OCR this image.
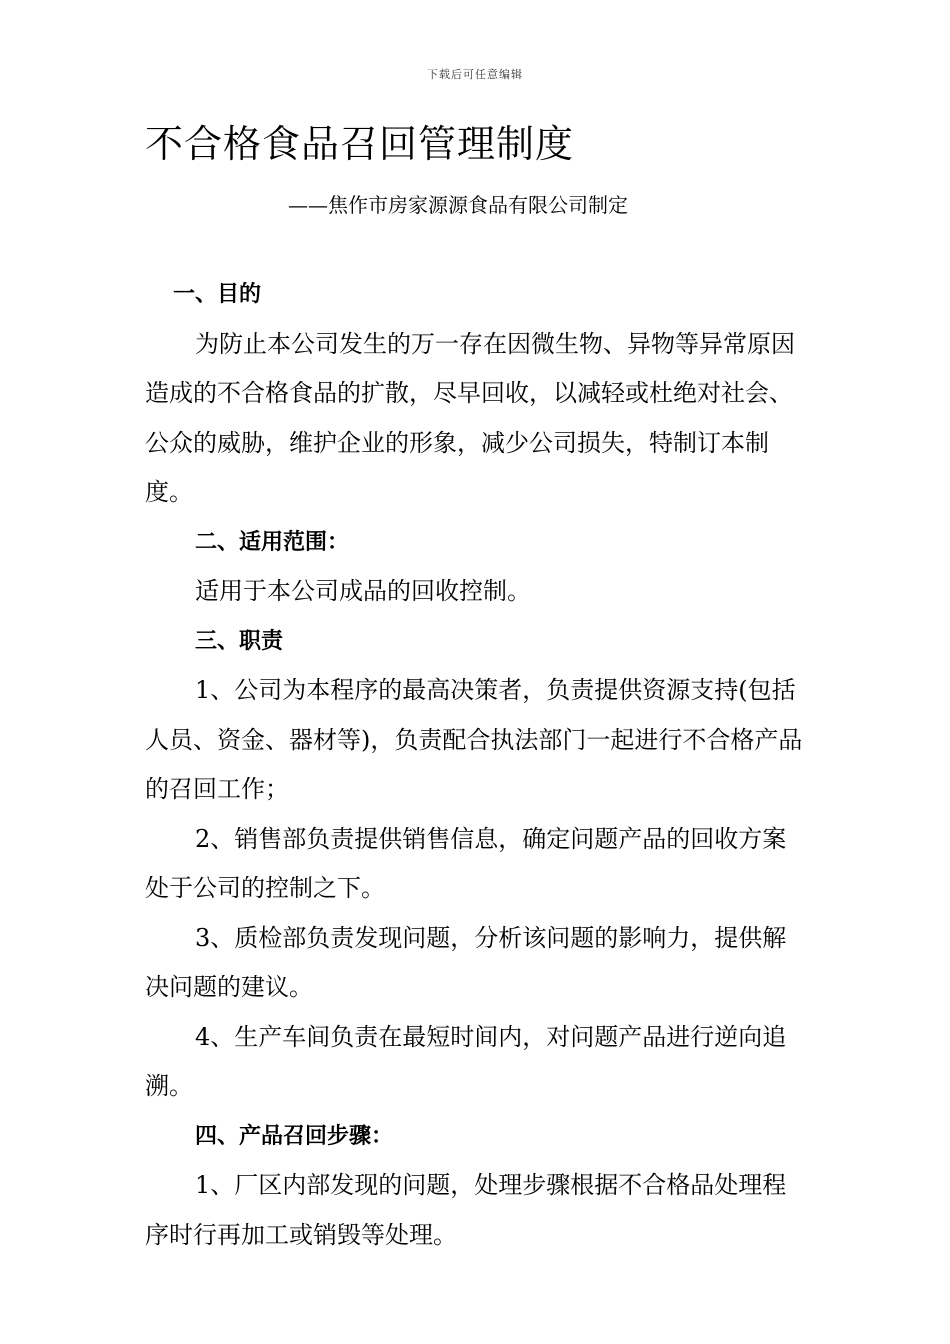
下载后可任意编辑
不合格食品召回管理制度
——焦作市房家源源食品有限公司制定
一、目的

为防止本公司发生的万一存在因微生物、异物等异常原因造成的不合格食品的扩散，尽早回收，以减轻或杜绝对社会、公众的威胁，维护企业的形象，减少公司损失，特制订本制度。

二、适用范围：

适用于本公司成品的回收控制。

三、职责

1、公司为本程序的最高决策者，负责提供资源支持(包括人员、资金、器材等)，负责配合执法部门一起进行不合格产品的召回工作；

2、销售部负责提供销售信息，确定问题产品的回收方案处于公司的控制之下。

3、质检部负责发现问题，分析该问题的影响力，提供解决问题的建议。

4、生产车间负责在最短时间内，对问题产品进行逆向追溯。

四、产品召回步骤：

1、厂区内部发现的问题，处理步骤根据不合格品处理程序时行再加工或销毁等处理。
